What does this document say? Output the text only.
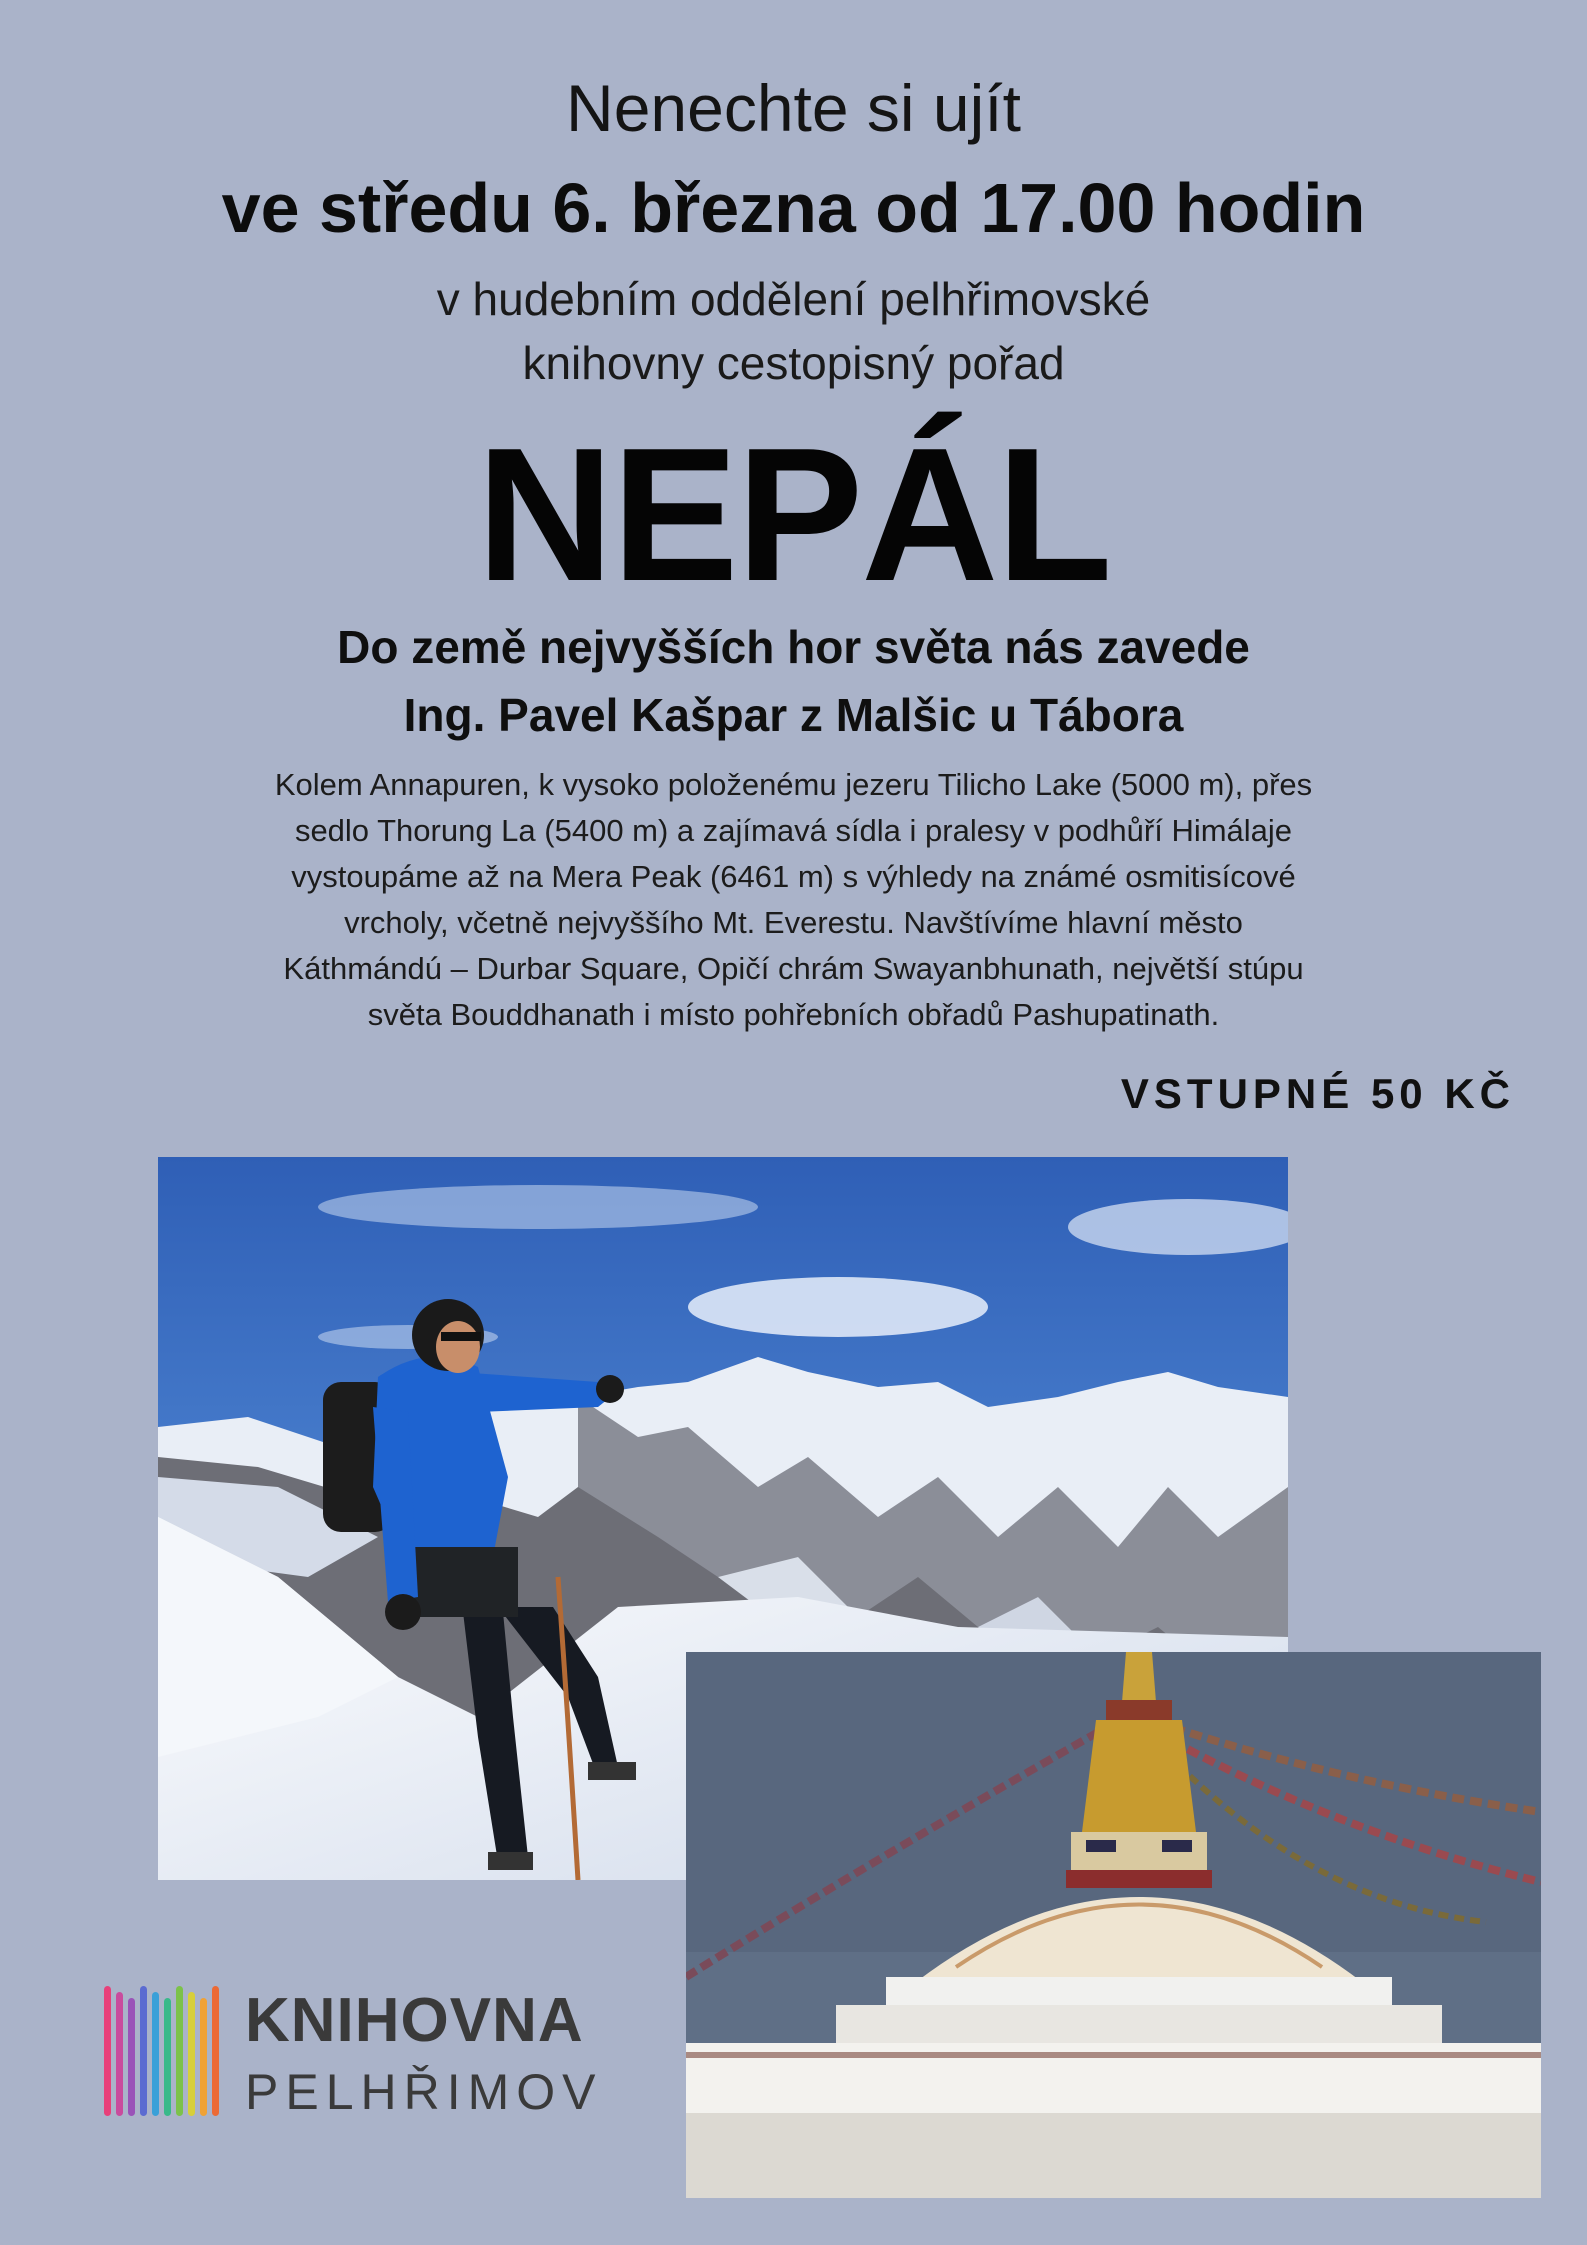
Nenechte si ujít
ve středu 6. března od 17.00 hodin
v hudebním oddělení pelhřimovské
knihovny cestopisný pořad
NEPÁL
Do země nejvyšších hor světa nás zavede
Ing. Pavel Kašpar z Malšic u Tábora
Kolem Annapuren, k vysoko položenému jezeru Tilicho Lake (5000 m), přes
sedlo Thorung La (5400 m) a zajímavá sídla i pralesy v podhůří Himálaje
vystoupáme až na Mera Peak (6461 m) s výhledy na známé osmitisícové
vrcholy, včetně nejvyššího Mt. Everestu. Navštívíme hlavní město
Káthmándú – Durbar Square, Opičí chrám Swayanbhunath, největší stúpu
světa Bouddhanath i místo pohřebních obřadů Pashupatinath.
VSTUPNÉ 50 KČ
KNIHOVNA
PELHŘIMOV
